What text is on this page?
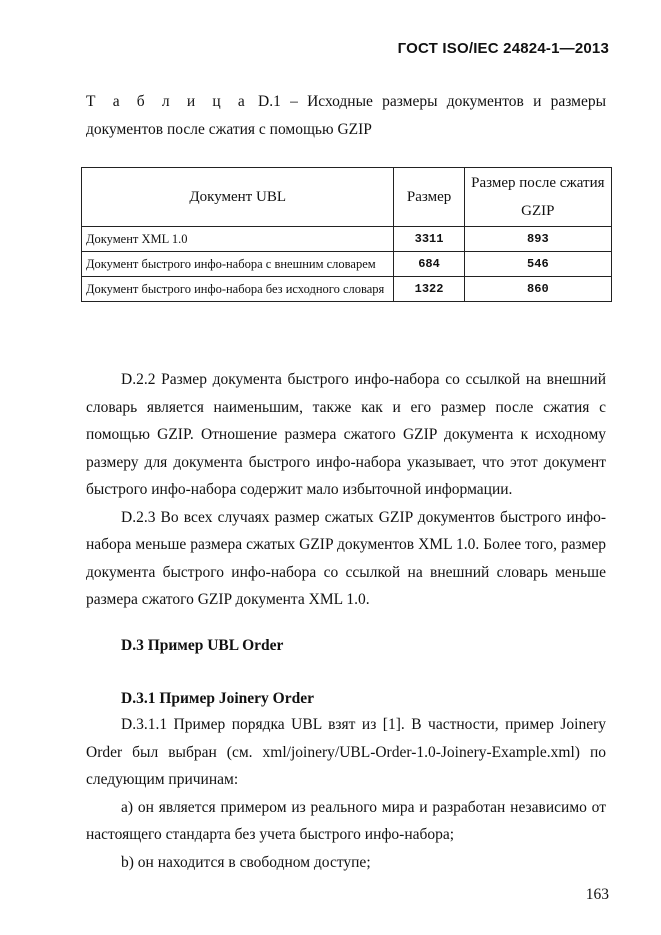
ГОСТ ISO/IEC 24824-1—2013
Т а б л и ц а D.1 – Исходные размеры документов и размеры документов после сжатия с помощью GZIP
Документ UBL	Размер	Размер после сжатия GZIP
Документ XML 1.0	3311	893
Документ быстрого инфо-набора с внешним словарем	684	546
Документ быстрого инфо-набора без исходного словаря	1322	860

D.2.2 Размер документа быстрого инфо-набора со ссылкой на внешний словарь является наименьшим, также как и его размер после сжатия с помощью GZIP. Отношение размера сжатого GZIP документа к исходному размеру для документа быстрого инфо-набора указывает, что этот документ быстрого инфо-набора содержит мало избыточной информации.

D.2.3 Во всех случаях размер сжатых GZIP документов быстрого инфо-набора меньше размера сжатых GZIP документов XML 1.0. Более того, размер документа быстрого инфо-набора со ссылкой на внешний словарь меньше размера сжатого GZIP документа XML 1.0.

D.3 Пример UBL Order
D.3.1 Пример Joinery Order

D.3.1.1 Пример порядка UBL взят из [1]. В частности, пример Joinery Order был выбран (см. xml/joinery/UBL-Order-1.0-Joinery-Example.xml) по следующим причинам:

a) он является примером из реального мира и разработан независимо от настоящего стандарта без учета быстрого инфо-набора;

b) он находится в свободном доступе;

163
